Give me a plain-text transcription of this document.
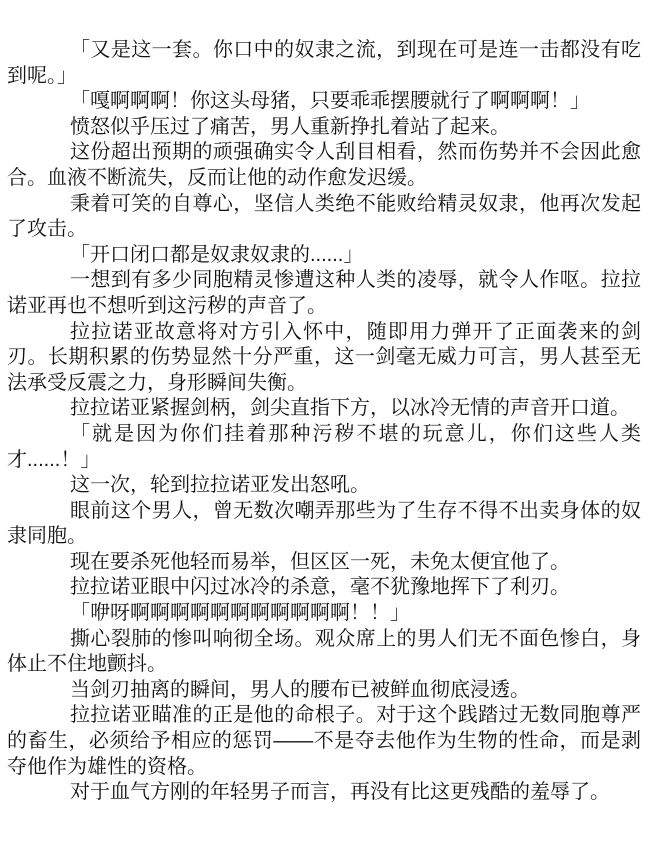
「又是这一套。你口中的奴隶之流，到现在可是连一击都没有吃到呢。」

「嘎啊啊啊！你这头母猪，只要乖乖摆腰就行了啊啊啊！」

愤怒似乎压过了痛苦，男人重新挣扎着站了起来。

这份超出预期的顽强确实令人刮目相看，然而伤势并不会因此愈合。血液不断流失，反而让他的动作愈发迟缓。

秉着可笑的自尊心，坚信人类绝不能败给精灵奴隶，他再次发起了攻击。

「开口闭口都是奴隶奴隶的......」

一想到有多少同胞精灵惨遭这种人类的凌辱，就令人作呕。拉拉诺亚再也不想听到这污秽的声音了。

拉拉诺亚故意将对方引入怀中，随即用力弹开了正面袭来的剑刃。长期积累的伤势显然十分严重，这一剑毫无威力可言，男人甚至无法承受反震之力，身形瞬间失衡。

拉拉诺亚紧握剑柄，剑尖直指下方，以冰冷无情的声音开口道。

「就是因为你们挂着那种污秽不堪的玩意儿，你们这些人类才......！」

这一次，轮到拉拉诺亚发出怒吼。

眼前这个男人，曾无数次嘲弄那些为了生存不得不出卖身体的奴隶同胞。

现在要杀死他轻而易举，但区区一死，未免太便宜他了。

拉拉诺亚眼中闪过冰冷的杀意，毫不犹豫地挥下了利刃。

「咿呀啊啊啊啊啊啊啊啊啊啊啊！！」

撕心裂肺的惨叫响彻全场。观众席上的男人们无不面色惨白，身体止不住地颤抖。

当剑刃抽离的瞬间，男人的腰布已被鲜血彻底浸透。

拉拉诺亚瞄准的正是他的命根子。对于这个践踏过无数同胞尊严的畜生，必须给予相应的惩罚——不是夺去他作为生物的性命，而是剥夺他作为雄性的资格。

对于血气方刚的年轻男子而言，再没有比这更残酷的羞辱了。
